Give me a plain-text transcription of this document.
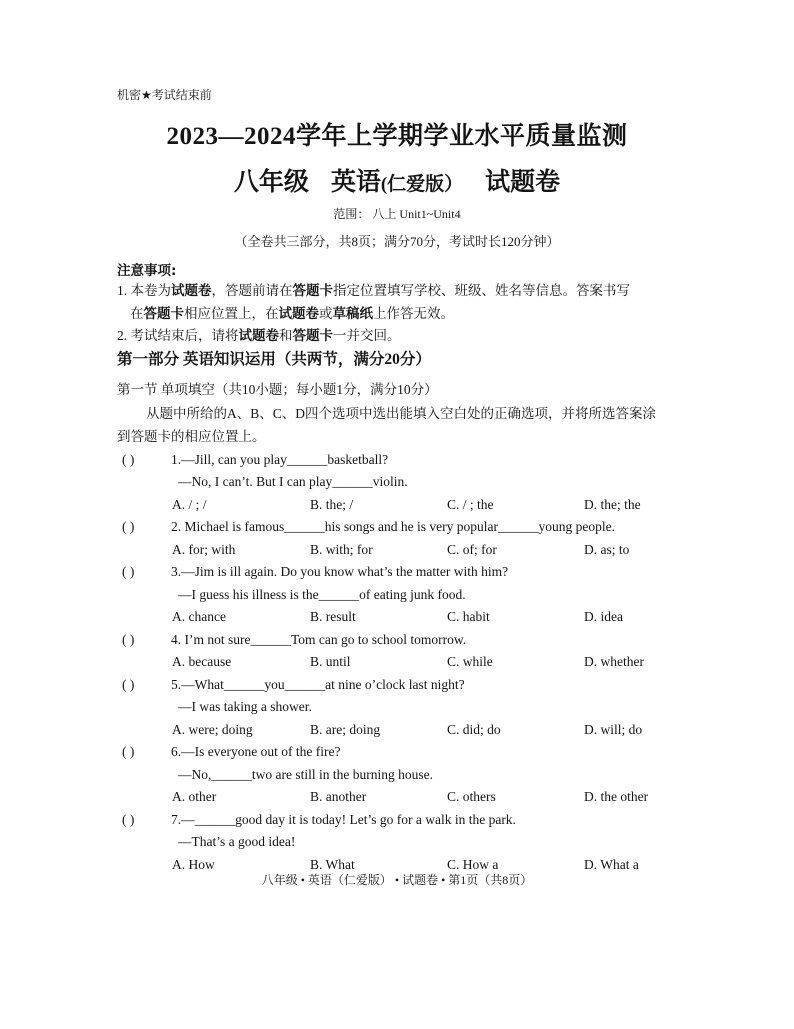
机密★考试结束前
2023—2024学年上学期学业水平质量监测
八年级 英语(仁爱版） 试题卷
范围： 八上 Unit1~Unit4
（全卷共三部分，共8页；满分70分，考试时长120分钟）
注意事项:
1. 本卷为试题卷，答题前请在答题卡指定位置填写学校、班级、姓名等信息。答案书写
在答题卡相应位置上，在试题卷或草稿纸上作答无效。
2. 考试结束后，请将试题卷和答题卡一并交回。
第一部分 英语知识运用（共两节，满分20分）
第一节 单项填空（共10小题；每小题1分，满分10分）
从题中所给的A、B、C、D四个选项中选出能填入空白处的正确选项，并将所选答案涂
到答题卡的相应位置上。
( )	1.—Jill, can you play______basketball?
—No, I can’t. But I can play______violin.
A. / ; /	B. the; /	C. / ; the	D. the; the
( )	2. Michael is famous______his songs and he is very popular______young people.
A. for; with	B. with; for	C. of; for	D. as; to
( )	3.—Jim is ill again. Do you know what’s the matter with him?
—I guess his illness is the______of eating junk food.
A. chance	B. result	C. habit	D. idea
( )	4. I’m not sure______Tom can go to school tomorrow.
A. because	B. until	C. while	D. whether
( )	5.—What______you______at nine o’clock last night?
—I was taking a shower.
A. were; doing	B. are; doing	C. did; do	D. will; do
( )	6.—Is everyone out of the fire?
—No,______two are still in the burning house.
A. other	B. another	C. others	D. the other
( )	7.—______good day it is today! Let’s go for a walk in the park.
—That’s a good idea!
A. How	B. What	C. How a	D. What a
八年级 • 英语（仁爱版） • 试题卷 • 第1页（共8页）
